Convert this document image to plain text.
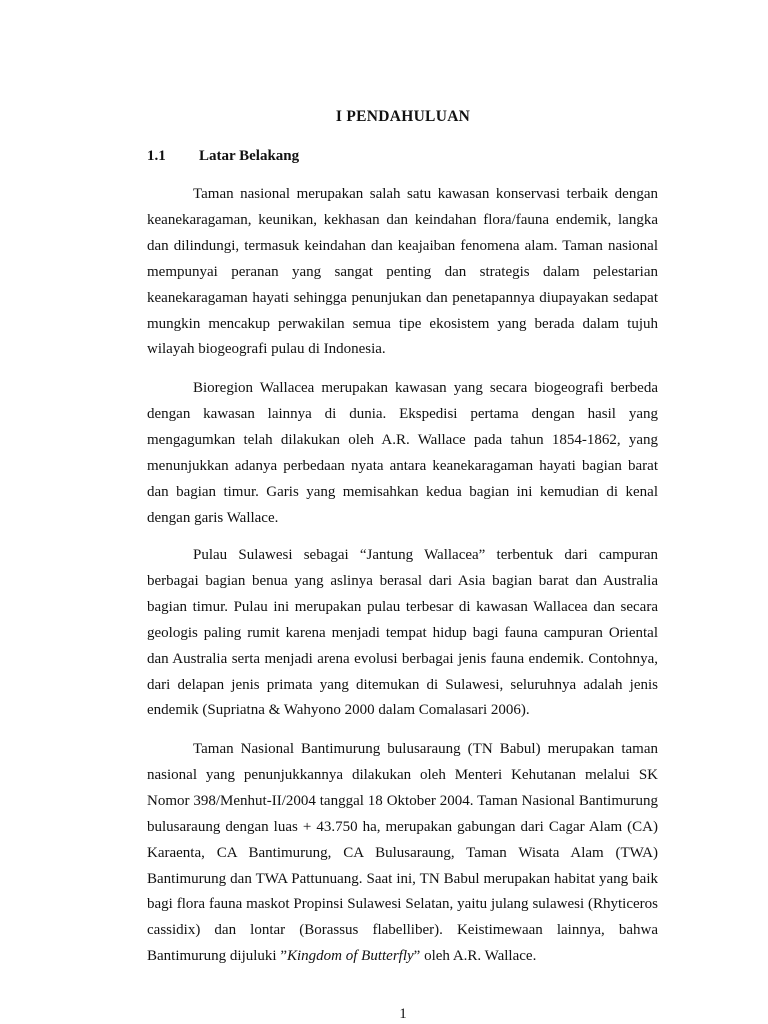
I PENDAHULUAN
1.1 Latar Belakang

Taman nasional merupakan salah satu kawasan konservasi terbaik dengan keanekaragaman, keunikan, kekhasan dan keindahan flora/fauna endemik, langka dan dilindungi, termasuk keindahan dan keajaiban fenomena alam. Taman nasional mempunyai peranan yang sangat penting dan strategis dalam pelestarian keanekaragaman hayati sehingga penunjukan dan penetapannya diupayakan sedapat mungkin mencakup perwakilan semua tipe ekosistem yang berada dalam tujuh wilayah biogeografi pulau di Indonesia.

Bioregion Wallacea merupakan kawasan yang secara biogeografi berbeda dengan kawasan lainnya di dunia. Ekspedisi pertama dengan hasil yang mengagumkan telah dilakukan oleh A.R. Wallace pada tahun 1854-1862, yang menunjukkan adanya perbedaan nyata antara keanekaragaman hayati bagian barat dan bagian timur. Garis yang memisahkan kedua bagian ini kemudian di kenal dengan garis Wallace.

Pulau Sulawesi sebagai “Jantung Wallacea” terbentuk dari campuran berbagai bagian benua yang aslinya berasal dari Asia bagian barat dan Australia bagian timur. Pulau ini merupakan pulau terbesar di kawasan Wallacea dan secara geologis paling rumit karena menjadi tempat hidup bagi fauna campuran Oriental dan Australia serta menjadi arena evolusi berbagai jenis fauna endemik. Contohnya, dari delapan jenis primata yang ditemukan di Sulawesi, seluruhnya adalah jenis endemik (Supriatna & Wahyono 2000 dalam Comalasari 2006).

Taman Nasional Bantimurung bulusaraung (TN Babul) merupakan taman nasional yang penunjukkannya dilakukan oleh Menteri Kehutanan melalui SK Nomor 398/Menhut-II/2004 tanggal 18 Oktober 2004. Taman Nasional Bantimurung bulusaraung dengan luas + 43.750 ha, merupakan gabungan dari Cagar Alam (CA) Karaenta, CA Bantimurung, CA Bulusaraung, Taman Wisata Alam (TWA) Bantimurung dan TWA Pattunuang. Saat ini, TN Babul merupakan habitat yang baik bagi flora fauna maskot Propinsi Sulawesi Selatan, yaitu julang sulawesi (Rhyticeros cassidix) dan lontar (Borassus flabelliber). Keistimewaan lainnya, bahwa Bantimurung dijuluki ”Kingdom of Butterfly” oleh A.R. Wallace.

1
